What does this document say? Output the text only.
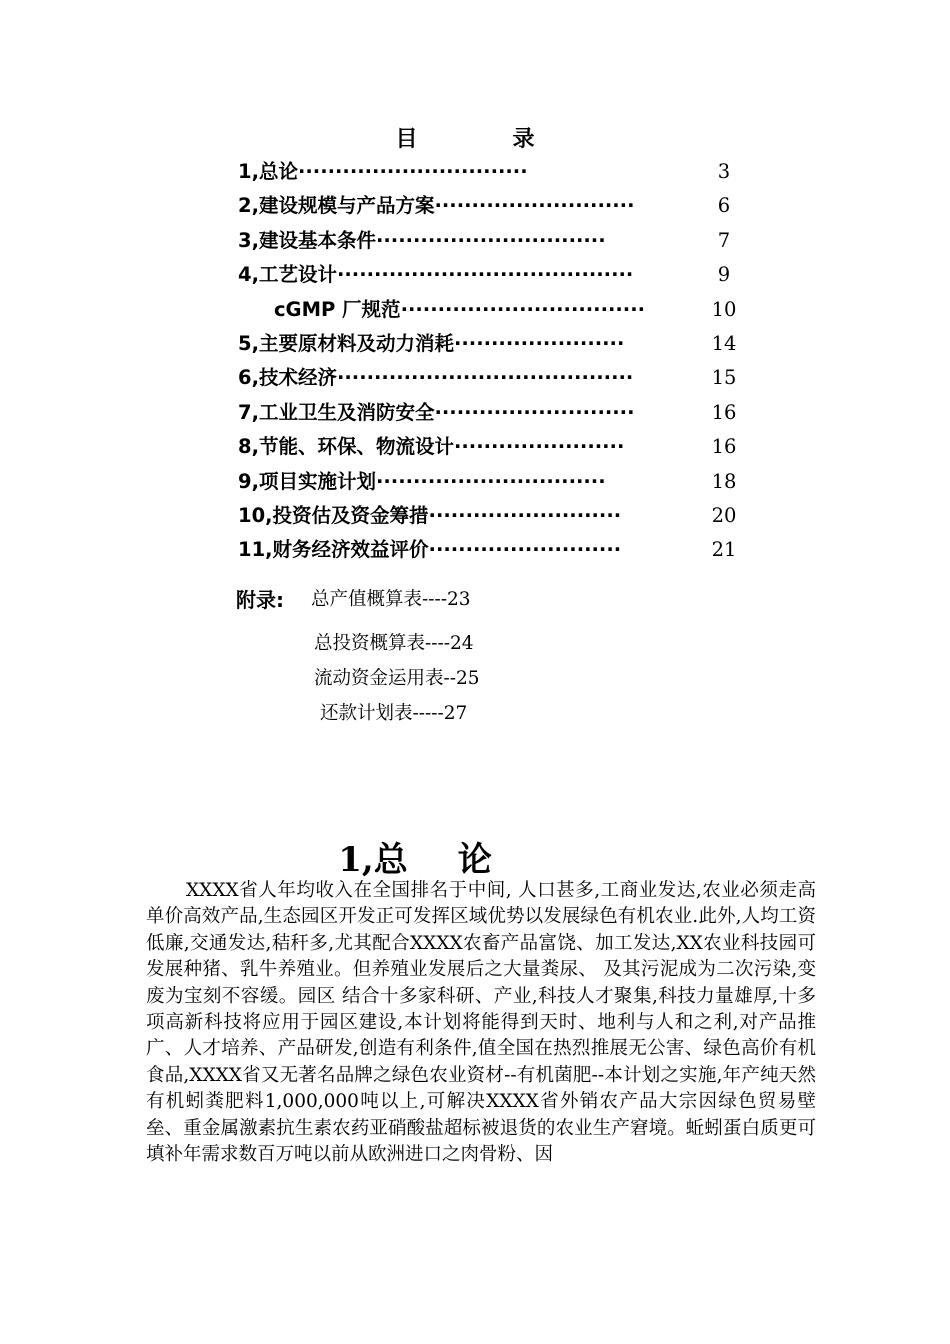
目	录
1,总论·······························	3
2,建设规模与产品方案···························	6
3,建设基本条件·······························	7
4,工艺设计········································	9
cGMP 厂规范·································	10
5,主要原材料及动力消耗·······················	14
6,技术经济········································	15
7,工业卫生及消防安全···························	16
8,节能、环保、物流设计·······················	16
9,项目实施计划·······························	18
10,投资估及资金筹措··························	20
11,财务经济效益评价··························	21
附录: 总产值概算表----23
总投资概算表----24
流动资金运用表--25
还款计划表-----27
1,总 论
XXXX省人年均收入在全国排名于中间, 人口甚多,工商业发达,农业必须走高单价高效产品,生态园区开发正可发挥区域优势以发展绿色有机农业.此外,人均工资低廉,交通发达,秸秆多,尤其配合XXXX农畜产品富饶、加工发达,XX农业科技园可发展种猪、乳牛养殖业。但养殖业发展后之大量粪尿、 及其污泥成为二次污染,变废为宝刻不容缓。园区 结合十多家科研、产业,科技人才聚集,科技力量雄厚,十多项高新科技将应用于园区建设,本计划将能得到天时、地利与人和之利,对产品推广、人才培养、产品研发,创造有利条件,值全国在热烈推展无公害、绿色高价有机食品,XXXX省又无著名品牌之绿色农业资材--有机菌肥--本计划之实施,年产纯天然有机蚓粪肥料1,000,000吨以上,可解决XXXX省外销农产品大宗因绿色贸易壁垒、重金属激素抗生素农药亚硝酸盐超标被退货的农业生产窘境。蚯蚓蛋白质更可填补年需求数百万吨以前从欧洲进口之肉骨粉、因
